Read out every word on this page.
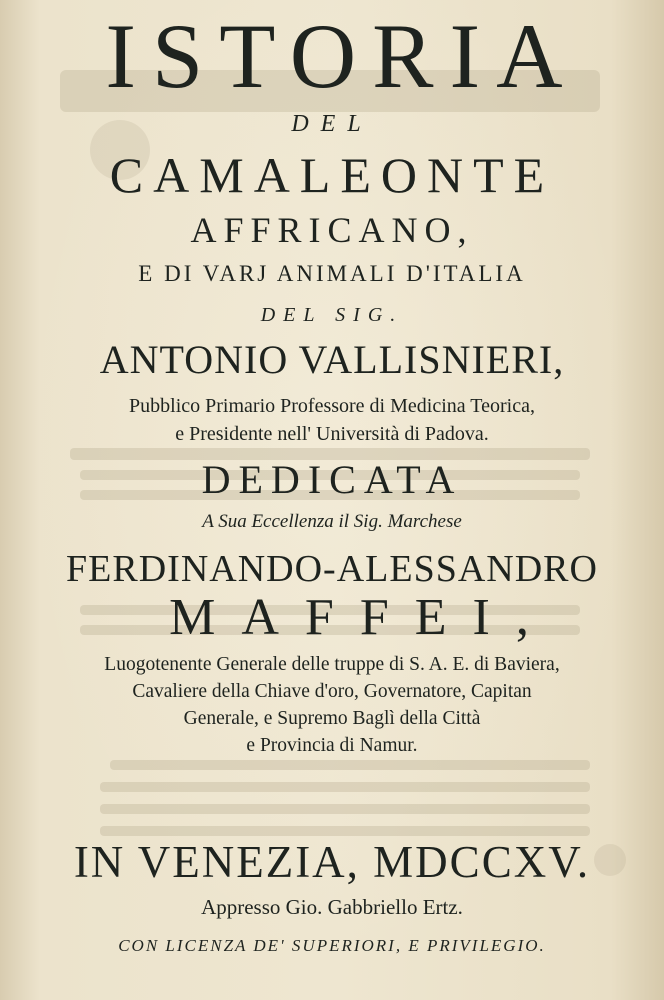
ISTORIA
DEL
CAMALEONTE
AFFRICANO,
E DI VARJ ANIMALI D'ITALIA
DEL SIG.
ANTONIO VALLISNIERI,
Pubblico Primario Professore di Medicina Teorica,
e Presidente nell' Università di Padova.
DEDICATA
A Sua Eccellenza il Sig. Marchese
FERDINANDO-ALESSANDRO
MAFFEI,
Luogotenente Generale delle truppe di S. A. E. di Baviera,
Cavaliere della Chiave d'oro, Governatore, Capitan
Generale, e Supremo Baglì della Città
e Provincia di Namur.
IN VENEZIA, MDCCXV.
Appresso Gio. Gabbriello Ertz.
CON LICENZA DE' SUPERIORI, E PRIVILEGIO.
